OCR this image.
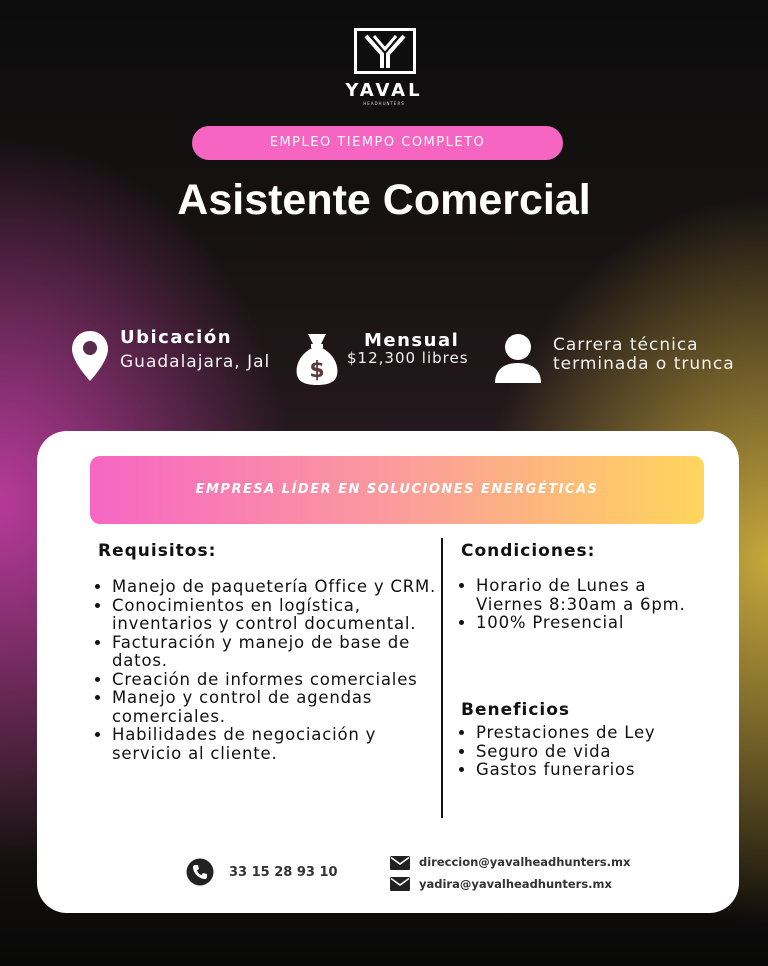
YAVAL
HEADHUNTERS
EMPLEO TIEMPO COMPLETO
Asistente Comercial
Ubicación
Guadalajara, Jal $
Mensual
$12,300 libres
Carrera técnica
terminada o trunca
EMPRESA LÍDER EN SOLUCIONES ENERGÉTICAS
Requisitos:
• Manejo de paquetería Office y CRM.
• Conocimientos en logística, inventarios y control documental.
• Facturación y manejo de base de datos.
• Creación de informes comerciales
• Manejo y control de agendas comerciales.
• Habilidades de negociación y servicio al cliente.
Condiciones:
• Horario de Lunes a Viernes 8:30am a 6pm.
• 100% Presencial
Beneficios
• Prestaciones de Ley
• Seguro de vida
• Gastos funerarios
33 15 28 93 10
direccion@yavalheadhunters.mx
yadira@yavalheadhunters.mx
